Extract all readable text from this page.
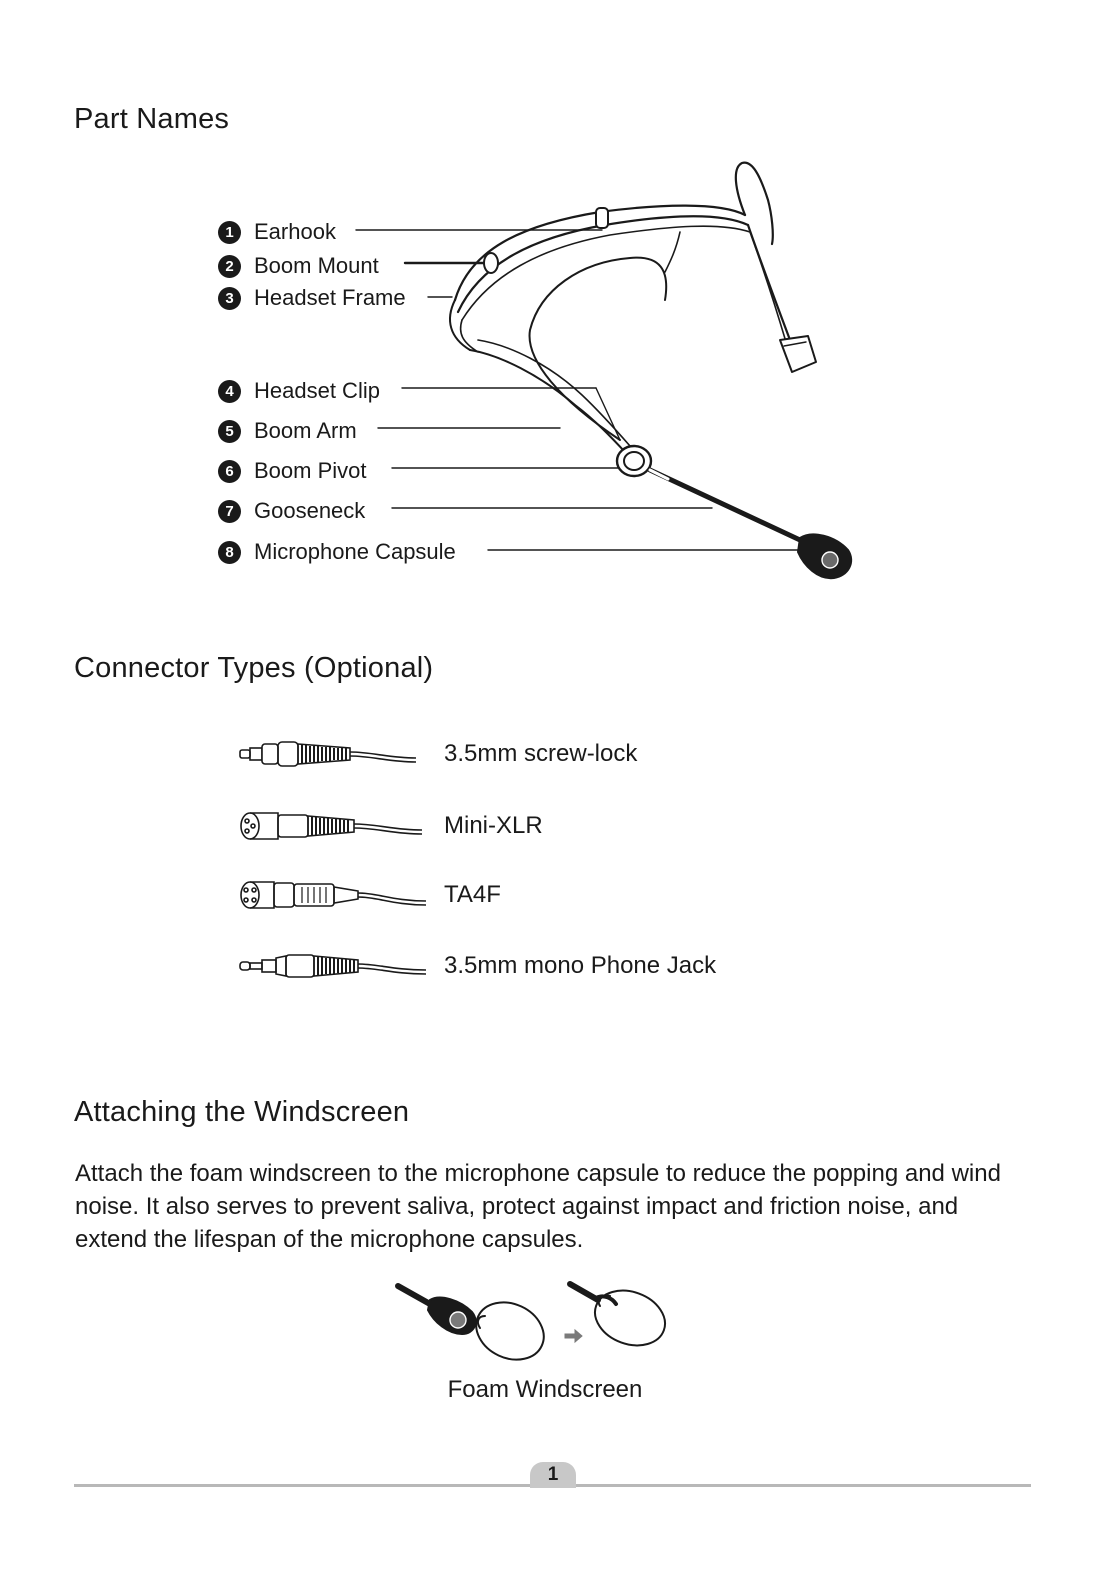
Part Names
1 Earhook
2 Boom Mount
3 Headset Frame
4 Headset Clip
5 Boom Arm
6 Boom Pivot
7 Gooseneck
8 Microphone Capsule
Connector Types (Optional)
3.5mm screw-lock
Mini-XLR
TA4F
3.5mm mono Phone Jack
Attaching the Windscreen

Attach the foam windscreen to the microphone capsule to reduce the popping and wind noise. It also serves to prevent saliva, protect against impact and friction noise, and extend the lifespan of the microphone capsules.

Foam Windscreen
1
